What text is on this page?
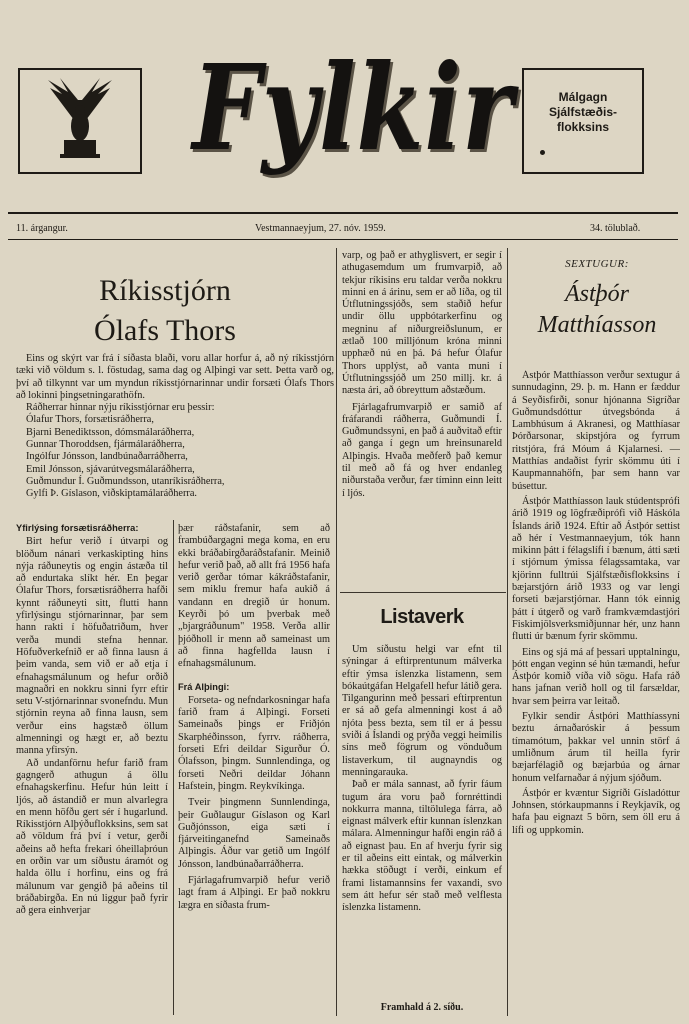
Fylkir	Málgagn
Sjálfstæðis-
flokksins
11. árgangur.	Vestmannaeyjum, 27. nóv. 1959.	34. tölublað.
Ríkisstjórn
Ólafs Thors

Eins og skýrt var frá í síðasta blaði, voru allar horfur á, að ný ríkisstjórn tæki við völdum s. l. föstudag, sama dag og Alþingi var sett. Þetta varð og, því að tilkynnt var um myndun ríkisstjórnarinnar undir forsæti Ólafs Thors að lokinni þingsetningarathöfn.

Ráðherrar hinnar nýju ríkisstjórnar eru þessir:

Ólafur Thors, forsætisráðherra,
Bjarni Benediktsson, dómsmálaráðherra,
Gunnar Thoroddsen, fjármálaráðherra,
Ingólfur Jónsson, landbúnaðarráðherra,
Emil Jónsson, sjávarútvegsmálaráðherra,
Guðmundur Í. Guðmundsson, utanríkisráðherra,
Gylfi Þ. Gíslason, viðskiptamálaráðherra.
Yfirlýsing forsætisráðherra:

Birt hefur verið í útvarpi og blöðum nánari verkaskipting hins nýja ráðuneytis og engin ástæða til að endurtaka slíkt hér. En þegar Ólafur Thors, forsætisráðherra hafði kynnt ráðuneyti sitt, flutti hann yfirlýsingu stjórnarinnar, þar sem hann rakti í höfuðatriðum, hver verða mundi stefna hennar. Höfuðverkefnið er að finna lausn á þeim vanda, sem við er að etja í efnahagsmálunum og hefur orðið magnaðri en nokkru sinni fyrr eftir setu V-stjórnarinnar svonefndu. Mun stjórnin reyna að finna lausn, sem verður eins hagstæð öllum almenningi og hægt er, að beztu manna yfirsýn.

Að undanförnu hefur farið fram gagngerð athugun á öllu efnahagskerfinu. Hefur hún leitt í ljós, að ástandið er mun alvarlegra en menn höfðu gert sér í hugarlund. Ríkisstjórn Alþýðuflokksins, sem sat að völdum frá því í vetur, gerði aðeins að hefta frekari óheillaþróun en orðin var um síðustu áramót og halda öllu í horfinu, eins og frá málunum var gengið þá aðeins til bráðabirgða. En nú liggur það fyrir að gera einhverjar

þær ráðstafanir, sem að frambúðargagni mega koma, en eru ekki bráðabirgðaráðstafanir. Meinið hefur verið það, að allt frá 1956 hafa verið gerðar tómar kákráðstafanir, sem miklu fremur hafa aukið á vandann en dregið úr honum. Keyrði þó um þverbak með „bjargráðunum" 1958. Verða allir þjóðholl ir menn að sameinast um að finna hagfellda lausn í efnahagsmálunum.

Frá Alþingi:

Forseta- og nefndarkosningar hafa farið fram á Alþingi. Forseti Sameinaðs þings er Friðjón Skarphéðinsson, fyrrv. ráðherra, forseti Efri deildar Sigurður Ó. Ólafsson, þingm. Sunnlendinga, og forseti Neðri deildar Jóhann Hafstein, þingm. Reykvíkinga.

Tveir þingmenn Sunnlendinga, þeir Guðlaugur Gíslason og Karl Guðjónsson, eiga sæti í fjárveitinganefnd Sameinaðs Alþingis. Áður var getið um Ingólf Jónsson, landbúnaðarráðherra.

Fjárlagafrumvarpið hefur verið lagt fram á Alþingi. Er það nokkru lægra en síðasta frum-

varp, og það er athyglisvert, er segir í athugasemdum um frumvarpið, að tekjur ríkisins eru taldar verða nokkru minni en á árinu, sem er að líða, og til Útflutningssjóðs, sem staðið hefur undir öllu uppbótarkerfinu og megninu af niðurgreiðslunum, er ætlað 100 milljónum króna minni upphæð nú en þá. Þá hefur Ólafur Thors upplýst, að vanta muni í Útflutningssjóð um 250 millj. kr. á næsta ári, að óbreyttum aðstæðum.

Fjárlagafrumvarpið er samið af fráfarandi ráðherra, Guðmundi Í. Guðmundssyni, en það á auðvitað eftir að ganga í gegn um hreinsunareld Alþingis. Hvaða meðferð það kemur til með að fá og hver endanleg niðurstaða verður, fær tíminn einn leitt í ljós.

Listaverk

Um síðustu helgi var efnt til sýningar á eftirprentunum málverka eftir ýmsa íslenzka listamenn, sem bókaútgáfan Helgafell hefur látið gera. Tilgangurinn með þessari eftirprentun er sá að gefa almenningi kost á að njóta þess bezta, sem til er á þessu sviði á Íslandi og prýða veggi heimilis síns með fögrum og vönduðum listaverkum, til augnayndis og menningarauka.

Það er mála sannast, að fyrir fáum tugum ára voru það fornréttindi nokkurra manna, tiltölulega fárra, að eignast málverk eftir kunnan íslenzkan málara. Almenningur hafði engin ráð á að eignast þau. En af hverju fyrir sig er til aðeins eitt eintak, og málverkin hækka stöðugt í verði, einkum ef frami listamannsins fer vaxandi, svo sem átt hefur sér stað með velflesta íslenzka listamenn.

Framhald á 2. síðu.
SEXTUGUR:
Ástþór
Matthíasson

Ástþór Matthíasson verður sextugur á sunnudaginn, 29. þ. m. Hann er fæddur á Seyðisfirði, sonur hjónanna Sigríðar Guðmundsdóttur útvegsbónda á Lambhúsum á Akranesi, og Matthíasar Þórðarsonar, skipstjóra og fyrrum ritstjóra, frá Móum á Kjalarnesi. — Matthías andaðist fyrir skömmu úti í Kaupmannahöfn, þar sem hann var búsettur.

Ástþór Matthíasson lauk stúdentsprófi árið 1919 og lögfræðiprófi við Háskóla Íslands árið 1924. Eftir að Ástþór settist að hér í Vestmannaeyjum, tók hann mikinn þátt í félagslífi í bænum, átti sæti í stjórnum ýmissa félagssamtaka, var kjörinn fulltrúi Sjálfstæðisflokksins í bæjarstjórn árið 1933 og var lengi forseti bæjarstjórnar. Hann tók einnig þátt í útgerð og varð framkvæmdastjóri Fiskimjölsverksmiðjunnar hér, unz hann flutti úr bænum fyrir skömmu.

Eins og sjá má af þessari upptalningu, þótt engan veginn sé hún tæmandi, hefur Ástþór komið víða við sögu. Hafa ráð hans jafnan verið holl og til farsældar, hvar sem þeirra var leitað.

Fylkir sendir Ástþóri Matthíassyni beztu árnaðaróskir á þessum tímamótum, þakkar vel unnin störf á umliðnum árum til heilla fyrir bæjarfélagið og bæjarbúa og árnar honum velfarnaðar á nýjum sjóðum.

Ástþór er kvæntur Sigríði Gísladóttur Johnsen, stórkaupmanns í Reykjavík, og hafa þau eignazt 5 börn, sem öll eru á lífi og uppkomin.
